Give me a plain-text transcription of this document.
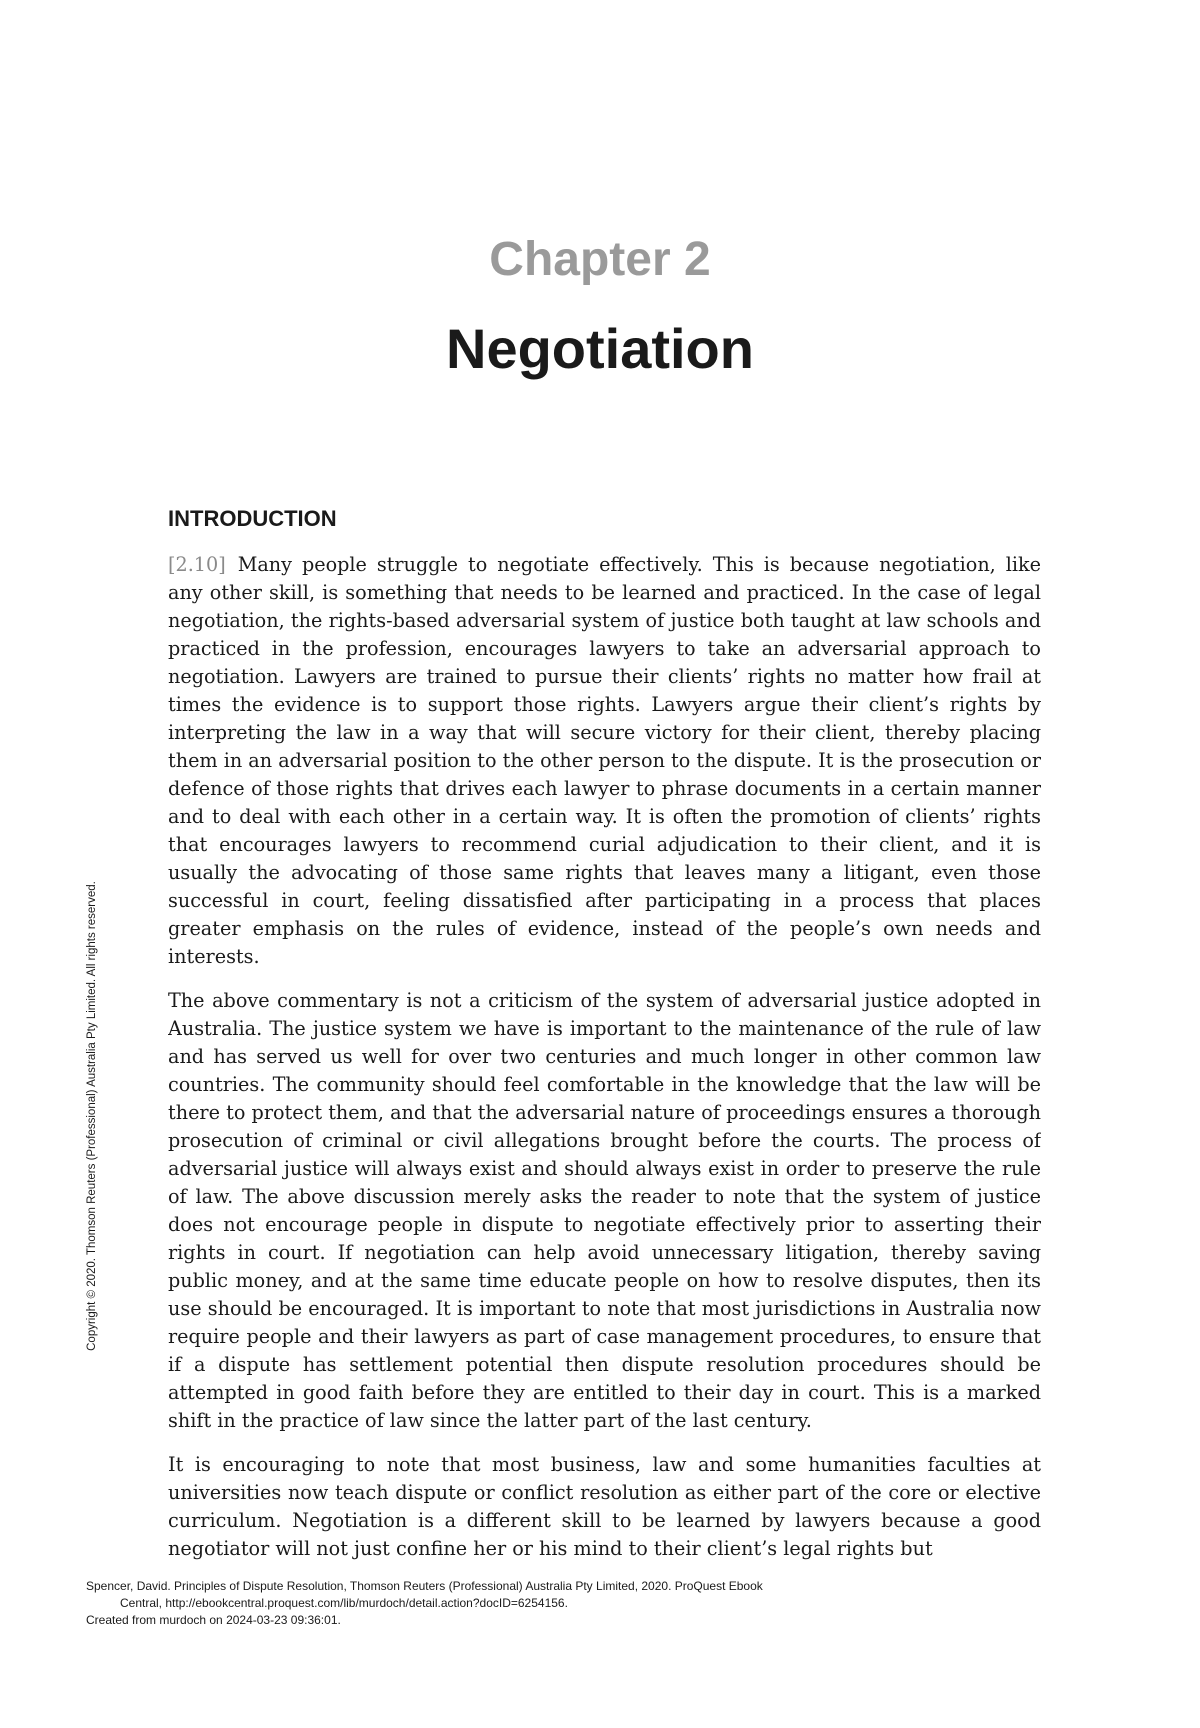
Chapter 2
Negotiation
INTRODUCTION

[2.10] Many people struggle to negotiate effectively. This is because negotiation, like any other skill, is something that needs to be learned and practiced. In the case of legal negotiation, the rights-based adversarial system of justice both taught at law schools and practiced in the profession, encourages lawyers to take an adversarial approach to negotiation. Lawyers are trained to pursue their clients’ rights no matter how frail at times the evidence is to support those rights. Lawyers argue their client’s rights by interpreting the law in a way that will secure victory for their client, thereby placing them in an adversarial position to the other person to the dispute. It is the prosecution or defence of those rights that drives each lawyer to phrase documents in a certain manner and to deal with each other in a certain way. It is often the promotion of clients’ rights that encourages lawyers to recommend curial adjudication to their client, and it is usually the advocating of those same rights that leaves many a litigant, even those successful in court, feeling dissatisfied after participating in a process that places greater emphasis on the rules of evidence, instead of the people’s own needs and interests.

The above commentary is not a criticism of the system of adversarial justice adopted in Australia. The justice system we have is important to the maintenance of the rule of law and has served us well for over two centuries and much longer in other common law countries. The community should feel comfortable in the knowledge that the law will be there to protect them, and that the adversarial nature of proceedings ensures a thorough prosecution of criminal or civil allegations brought before the courts. The process of adversarial justice will always exist and should always exist in order to preserve the rule of law. The above discussion merely asks the reader to note that the system of justice does not encourage people in dispute to negotiate effectively prior to asserting their rights in court. If negotiation can help avoid unnecessary litigation, thereby saving public money, and at the same time educate people on how to resolve disputes, then its use should be encouraged. It is important to note that most jurisdictions in Australia now require people and their lawyers as part of case management procedures, to ensure that if a dispute has settlement potential then dispute resolution procedures should be attempted in good faith before they are entitled to their day in court. This is a marked shift in the practice of law since the latter part of the last century.

It is encouraging to note that most business, law and some humanities faculties at universities now teach dispute or conflict resolution as either part of the core or elective curriculum. Negotiation is a different skill to be learned by lawyers because a good negotiator will not just confine her or his mind to their client’s legal rights but

Copyright © 2020. Thomson Reuters (Professional) Australia Pty Limited. All rights reserved.
Spencer, David. Principles of Dispute Resolution, Thomson Reuters (Professional) Australia Pty Limited, 2020. ProQuest Ebook
Central, http://ebookcentral.proquest.com/lib/murdoch/detail.action?docID=6254156.
Created from murdoch on 2024-03-23 09:36:01.
